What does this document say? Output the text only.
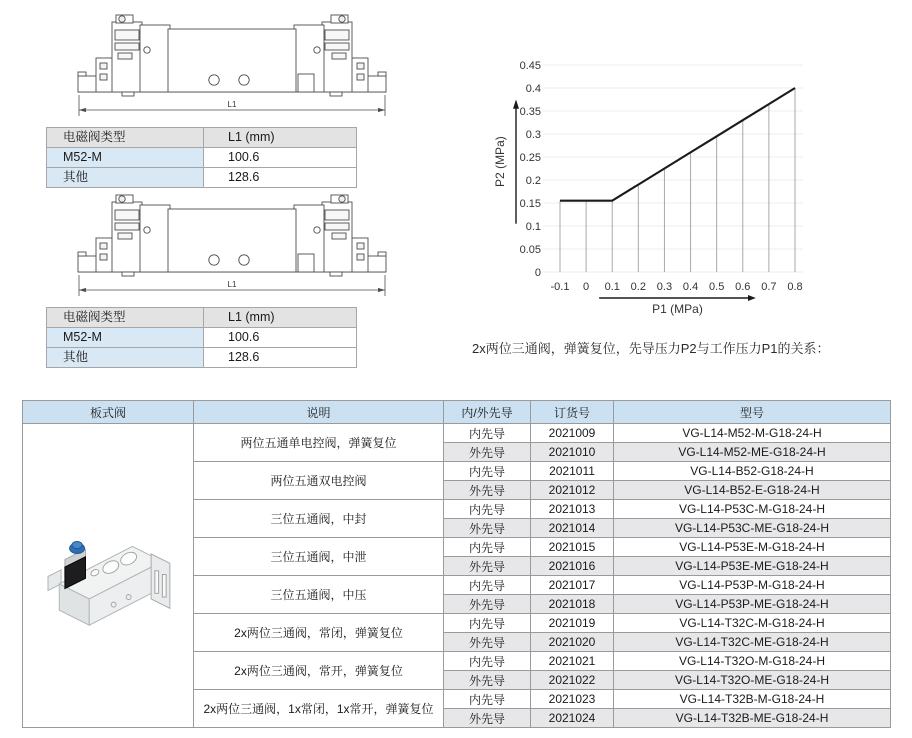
电磁阀类型	L1 (mm)
M52-M	100.6
其他	128.6
电磁阀类型	L1 (mm)
M52-M	100.6
其他	128.6
0
0.05
0.1
0.15
0.2
0.25
0.3
0.35
0.4
0.45
-0.1 0 0.1 0.2 0.3 0.4 0.5 0.6 0.7 0.8
P2 (MPa)
P1 (MPa)
2x两位三通阀，弹簧复位，先导压力P2与工作压力P1的关系：
板式阀	说明	内/外先导	订货号	型号

	两位五通单电控阀，弹簧复位	内先导	2021009	VG-L14-M52-M-G18-24-H
		外先导	2021010	VG-L14-M52-ME-G18-24-H
	两位五通双电控阀	内先导	2021011	VG-L14-B52-G18-24-H
		外先导	2021012	VG-L14-B52-E-G18-24-H
	三位五通阀，中封	内先导	2021013	VG-L14-P53C-M-G18-24-H
		外先导	2021014	VG-L14-P53C-ME-G18-24-H
	三位五通阀，中泄	内先导	2021015	VG-L14-P53E-M-G18-24-H
		外先导	2021016	VG-L14-P53E-ME-G18-24-H
	三位五通阀，中压	内先导	2021017	VG-L14-P53P-M-G18-24-H
		外先导	2021018	VG-L14-P53P-ME-G18-24-H
	2x两位三通阀，常闭，弹簧复位	内先导	2021019	VG-L14-T32C-M-G18-24-H
		外先导	2021020	VG-L14-T32C-ME-G18-24-H
	2x两位三通阀，常开，弹簧复位	内先导	2021021	VG-L14-T32O-M-G18-24-H
		外先导	2021022	VG-L14-T32O-ME-G18-24-H
	2x两位三通阀，1x常闭，1x常开，弹簧复位	内先导	2021023	VG-L14-T32B-M-G18-24-H
		外先导	2021024	VG-L14-T32B-ME-G18-24-H
